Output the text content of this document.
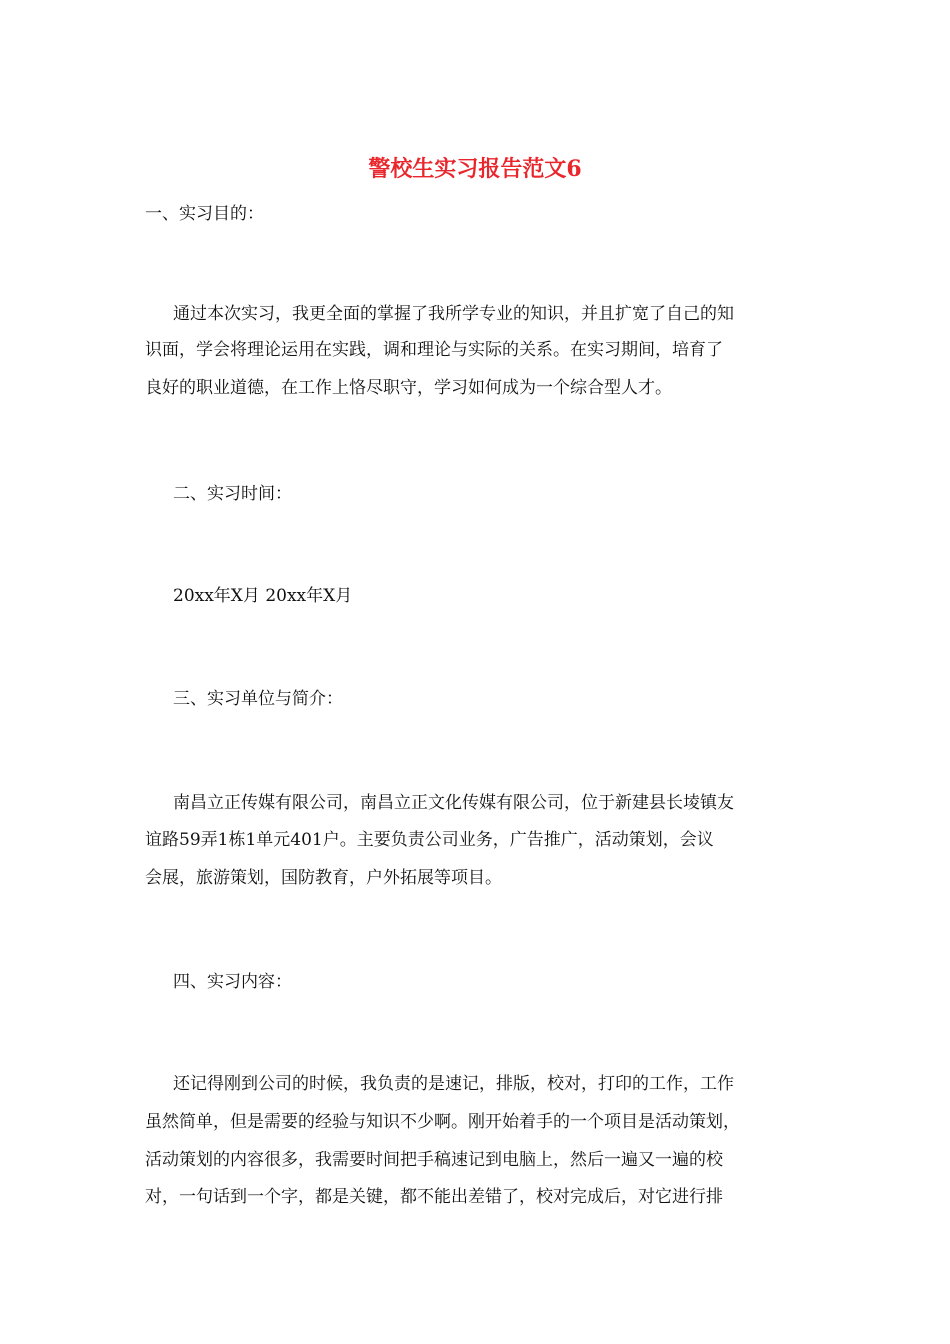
警校生实习报告范文6

一、实习目的：

通过本次实习，我更全面的掌握了我所学专业的知识，并且扩宽了自己的知

识面，学会将理论运用在实践，调和理论与实际的关系。在实习期间，培育了

良好的职业道德，在工作上恪尽职守，学习如何成为一个综合型人才。

二、实习时间：

20xx年X月 20xx年X月

三、实习单位与简介：

南昌立正传媒有限公司，南昌立正文化传媒有限公司，位于新建县长堎镇友

谊路59弄1栋1单元401户。主要负责公司业务，广告推广，活动策划，会议

会展，旅游策划，国防教育，户外拓展等项目。

四、实习内容：

还记得刚到公司的时候，我负责的是速记，排版，校对，打印的工作，工作

虽然简单，但是需要的经验与知识不少啊。刚开始着手的一个项目是活动策划，

活动策划的内容很多，我需要时间把手稿速记到电脑上，然后一遍又一遍的校

对，一句话到一个字，都是关键，都不能出差错了，校对完成后，对它进行排
